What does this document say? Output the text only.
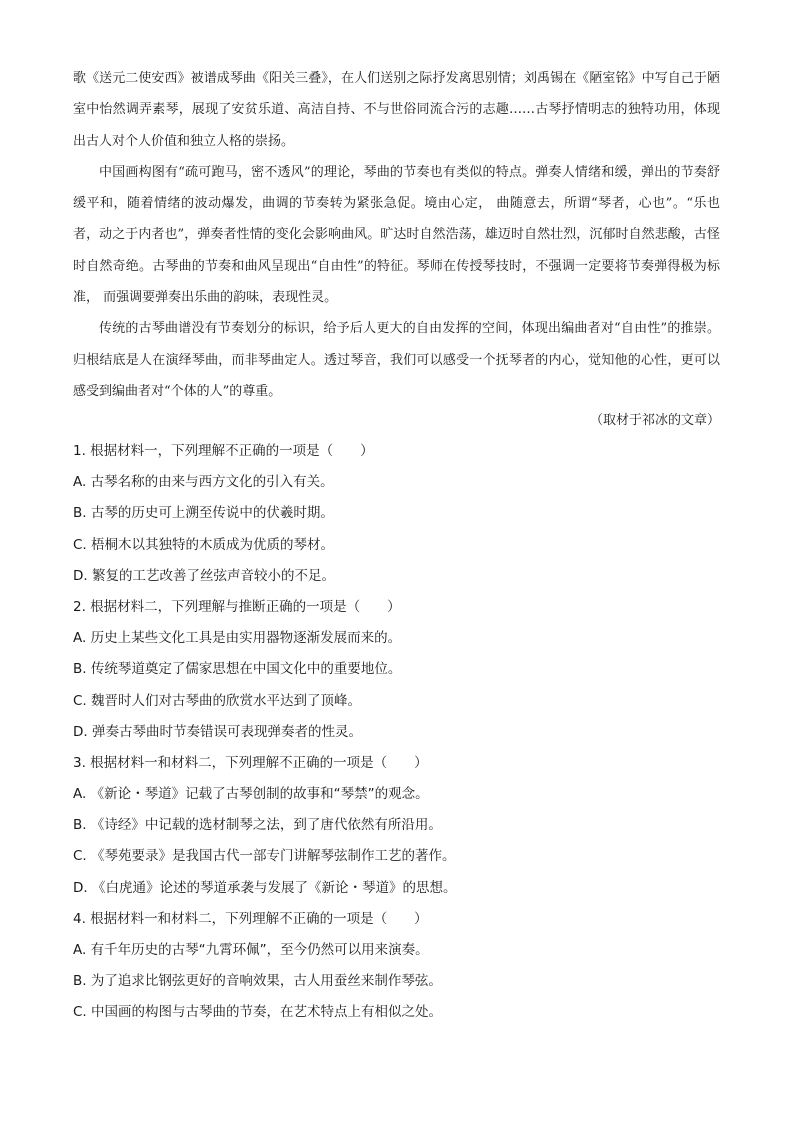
歌《送元二使安西》被谱成琴曲《阳关三叠》，在人们送别之际抒发离思别情；刘禹锡在《陋室铭》中写自己于陋室中怡然调弄素琴，展现了安贫乐道、高洁自持、不与世俗同流合污的志趣……古琴抒情明志的独特功用，体现出古人对个人价值和独立人格的崇扬。

中国画构图有“疏可跑马，密不透风”的理论，琴曲的节奏也有类似的特点。弹奏人情绪和缓，弹出的节奏舒缓平和，随着情绪的波动爆发，曲调的节奏转为紧张急促。境由心定， 曲随意去，所谓“琴者，心也”。“乐也者，动之于内者也”，弹奏者性情的变化会影响曲风。旷达时自然浩荡，雄迈时自然壮烈，沉郁时自然悲酸，古怪时自然奇绝。古琴曲的节奏和曲风呈现出“自由性”的特征。琴师在传授琴技时，不强调一定要将节奏弹得极为标准， 而强调要弹奏出乐曲的韵味，表现性灵。

传统的古琴曲谱没有节奏划分的标识，给予后人更大的自由发挥的空间，体现出编曲者对“自由性”的推崇。归根结底是人在演绎琴曲，而非琴曲定人。透过琴音，我们可以感受一个抚琴者的内心，觉知他的心性，更可以感受到编曲者对“个体的人”的尊重。

（取材于祁冰的文章）
1. 根据材料一，下列理解不正确的一项是（　　）
A. 古琴名称的由来与西方文化的引入有关。
B. 古琴的历史可上溯至传说中的伏羲时期。
C. 梧桐木以其独特的木质成为优质的琴材。
D. 繁复的工艺改善了丝弦声音较小的不足。
2. 根据材料二，下列理解与推断正确的一项是（　　）
A. 历史上某些文化工具是由实用器物逐渐发展而来的。
B. 传统琴道奠定了儒家思想在中国文化中的重要地位。
C. 魏晋时人们对古琴曲的欣赏水平达到了顶峰。
D. 弹奏古琴曲时节奏错误可表现弹奏者的性灵。
3. 根据材料一和材料二，下列理解不正确的一项是（　　）
A. 《新论・琴道》记载了古琴创制的故事和“琴禁”的观念。
B. 《诗经》中记载的选材制琴之法，到了唐代依然有所沿用。
C. 《琴苑要录》是我国古代一部专门讲解琴弦制作工艺的著作。
D. 《白虎通》论述的琴道承袭与发展了《新论・琴道》的思想。
4. 根据材料一和材料二，下列理解不正确的一项是（　　）
A. 有千年历史的古琴“九霄环佩”，至今仍然可以用来演奏。
B. 为了追求比钢弦更好的音响效果，古人用蚕丝来制作琴弦。
C. 中国画的构图与古琴曲的节奏，在艺术特点上有相似之处。
